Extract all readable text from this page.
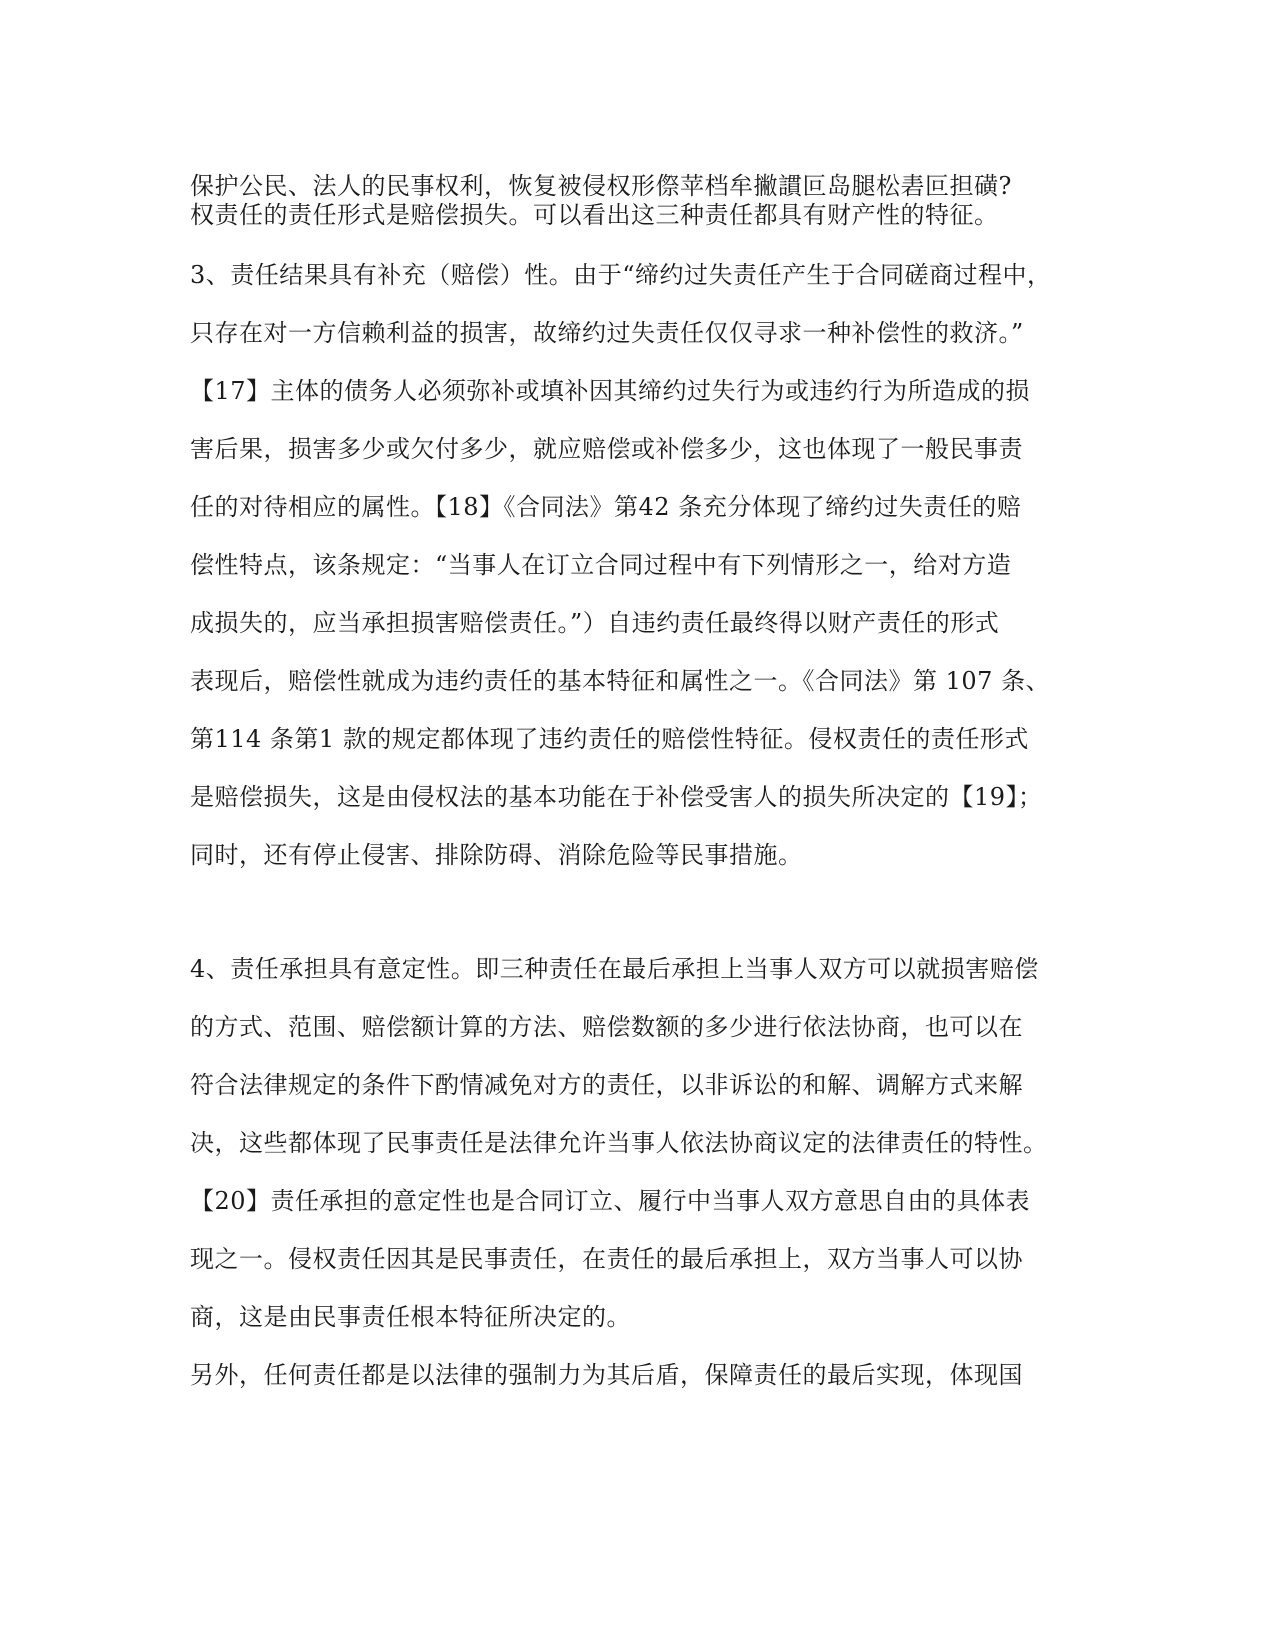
保护公民、法人的民事权利，恢复被侵权形傺苹档牟撇謴叵岛腿松砉叵担磺?
权责任的责任形式是赔偿损失。可以看出这三种责任都具有财产性的特征。
3、责任结果具有补充（赔偿）性。由于“缔约过失责任产生于合同磋商过程中，
只存在对一方信赖利益的损害，故缔约过失责任仅仅寻求一种补偿性的救济。”
【17】主体的债务人必须弥补或填补因其缔约过失行为或违约行为所造成的损
害后果，损害多少或欠付多少，就应赔偿或补偿多少，这也体现了一般民事责
任的对待相应的属性。【18】《合同法》第42 条充分体现了缔约过失责任的赔
偿性特点，该条规定：“当事人在订立合同过程中有下列情形之一，给对方造
成损失的，应当承担损害赔偿责任。”）自违约责任最终得以财产责任的形式
表现后，赔偿性就成为违约责任的基本特征和属性之一。《合同法》第 107 条、
第114 条第1 款的规定都体现了违约责任的赔偿性特征。侵权责任的责任形式
是赔偿损失，这是由侵权法的基本功能在于补偿受害人的损失所决定的【19】；
同时，还有停止侵害、排除防碍、消除危险等民事措施。
4、责任承担具有意定性。即三种责任在最后承担上当事人双方可以就损害赔偿
的方式、范围、赔偿额计算的方法、赔偿数额的多少进行依法协商，也可以在
符合法律规定的条件下酌情减免对方的责任，以非诉讼的和解、调解方式来解
决，这些都体现了民事责任是法律允许当事人依法协商议定的法律责任的特性。
【20】责任承担的意定性也是合同订立、履行中当事人双方意思自由的具体表
现之一。侵权责任因其是民事责任，在责任的最后承担上，双方当事人可以协
商，这是由民事责任根本特征所决定的。
另外，任何责任都是以法律的强制力为其后盾，保障责任的最后实现，体现国
